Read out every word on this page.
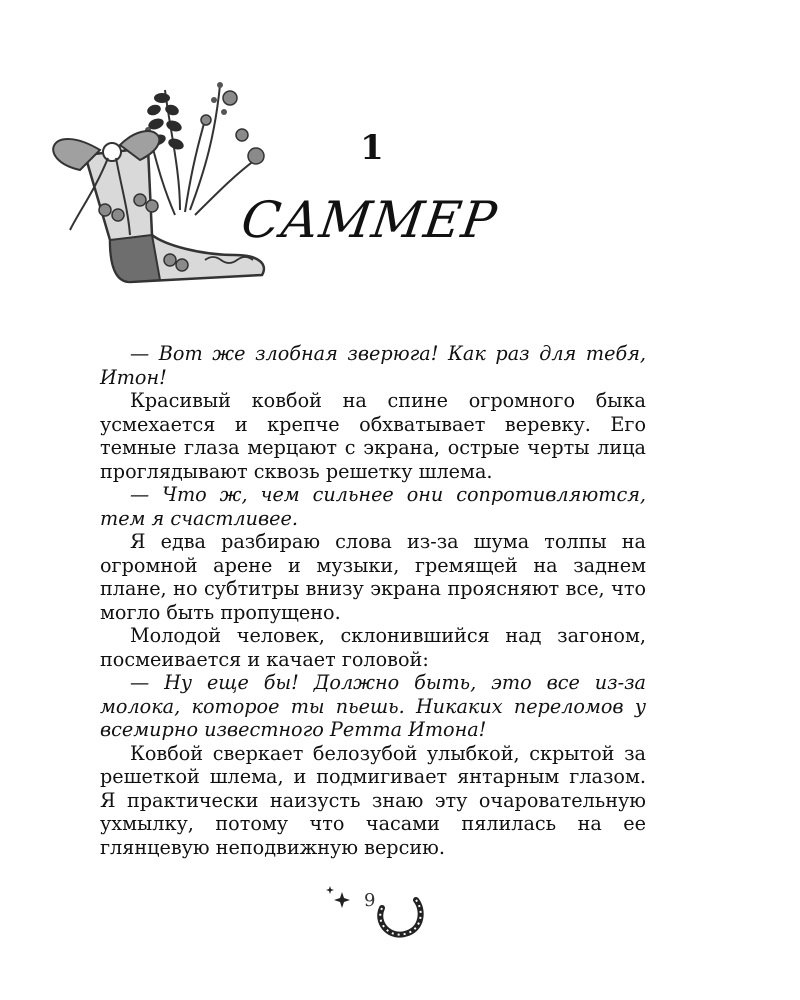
1
САММЕР

— Вот же злобная зверюга! Как раз для тебя, Итон!

Красивый ковбой на спине огромного быка усмехается и крепче обхватывает веревку. Его темные глаза мерцают с экрана, острые черты лица проглядывают сквозь решетку шлема.

— Что ж, чем сильнее они сопротивляются, тем я счастливее.

Я едва разбираю слова из-за шума толпы на огромной арене и музыки, гремящей на заднем плане, но субтитры внизу экрана проясняют все, что могло быть пропущено.

Молодой человек, склонившийся над загоном, посмеивается и качает головой:

— Ну еще бы! Должно быть, это все из-за молока, которое ты пьешь. Никаких переломов у всемирно известного Ретта Итона!

Ковбой сверкает белозубой улыбкой, скрытой за решеткой шлема, и подмигивает янтарным глазом. Я практически наизусть знаю эту очаровательную ухмылку, потому что часами пялилась на ее глянцевую неподвижную версию.

9
